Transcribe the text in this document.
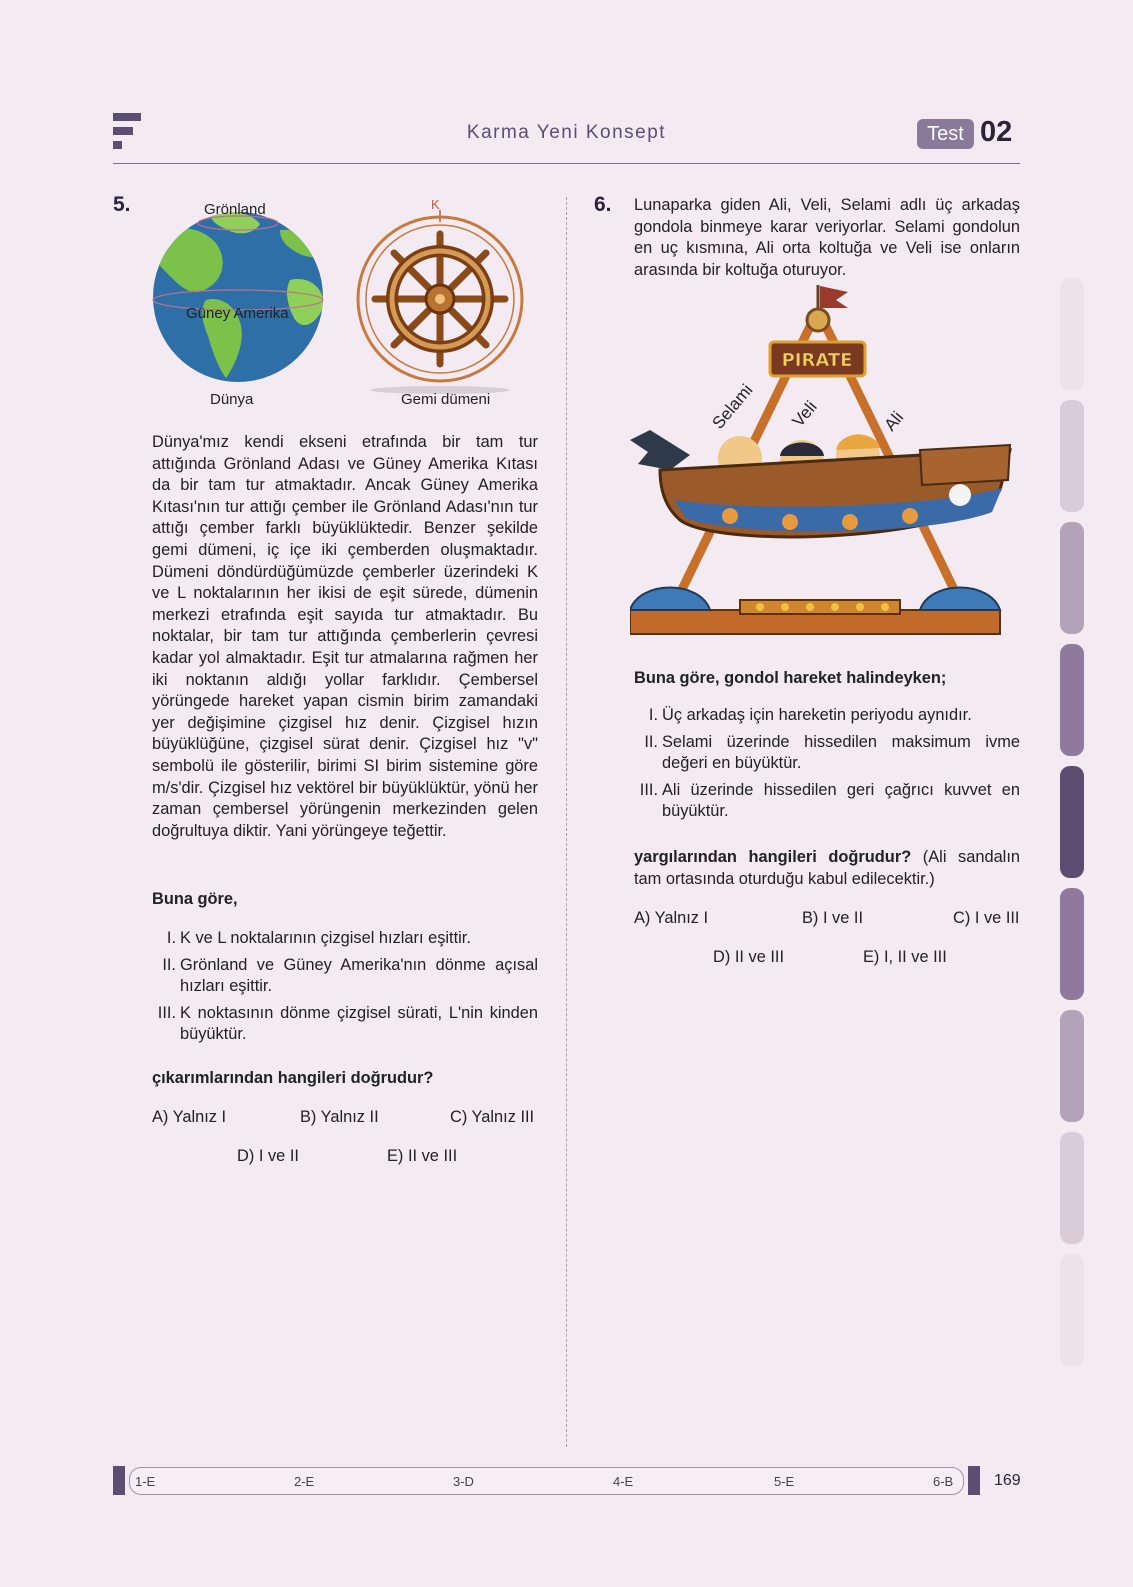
Karma Yeni Konsept	Test 02
5.	Grönland
Güney Amerika
Dünya
K
Gemi dümeni
Dünya'mız kendi ekseni etrafında bir tam tur attığında Grönland Adası ve Güney Amerika Kıtası da bir tam tur atmaktadır. Ancak Güney Amerika Kıtası'nın tur attığı çember ile Grönland Adası'nın tur attığı çember farklı büyüklüktedir. Benzer şekilde gemi dümeni, iç içe iki çemberden oluşmaktadır. Dümeni döndürdüğümüzde çemberler üzerindeki K ve L noktalarının her ikisi de eşit sürede, dümenin merkezi etrafında eşit sayıda tur atmaktadır. Bu noktalar, bir tam tur attığında çemberlerin çevresi kadar yol almaktadır. Eşit tur atmalarına rağmen her iki noktanın aldığı yollar farklıdır. Çembersel yörüngede hareket yapan cismin birim zamandaki yer değişimine çizgisel hız denir. Çizgisel hızın büyüklüğüne, çizgisel sürat denir. Çizgisel hız "v" sembolü ile gösterilir, birimi SI birim sistemine göre m/s'dir. Çizgisel hız vektörel bir büyüklüktür, yönü her zaman çembersel yörüngenin merkezinden gelen doğrultuya diktir. Yani yörüngeye teğettir.
Buna göre,
I. K ve L noktalarının çizgisel hızları eşittir.
II. Grönland ve Güney Amerika'nın dönme açısal hızları eşittir.
III. K noktasının dönme çizgisel sürati, L'nin kinden büyüktür.
çıkarımlarından hangileri doğrudur?
A) Yalnız I	B) Yalnız II	C) Yalnız III
D) I ve II	E) II ve III
6. Lunaparka giden Ali, Veli, Selami adlı üç arkadaş gondola binmeye karar veriyorlar. Selami gondolun en uç kısmına, Ali orta koltuğa ve Veli ise onların arasında bir koltuğa oturuyor.
PIRATE
Selami Veli	Ali
Buna göre, gondol hareket halindeyken;
I. Üç arkadaş için hareketin periyodu aynıdır.
II. Selami üzerinde hissedilen maksimum ivme değeri en büyüktür.
III. Ali üzerinde hissedilen geri çağrıcı kuvvet en büyüktür.
yargılarından hangileri doğrudur? (Ali sandalın tam ortasında oturduğu kabul edilecektir.)
A) Yalnız I	B) I ve II	C) I ve III
D) II ve III	E) I, II ve III
1-E	2-E	3-D	4-E	5-E	6-B	169
